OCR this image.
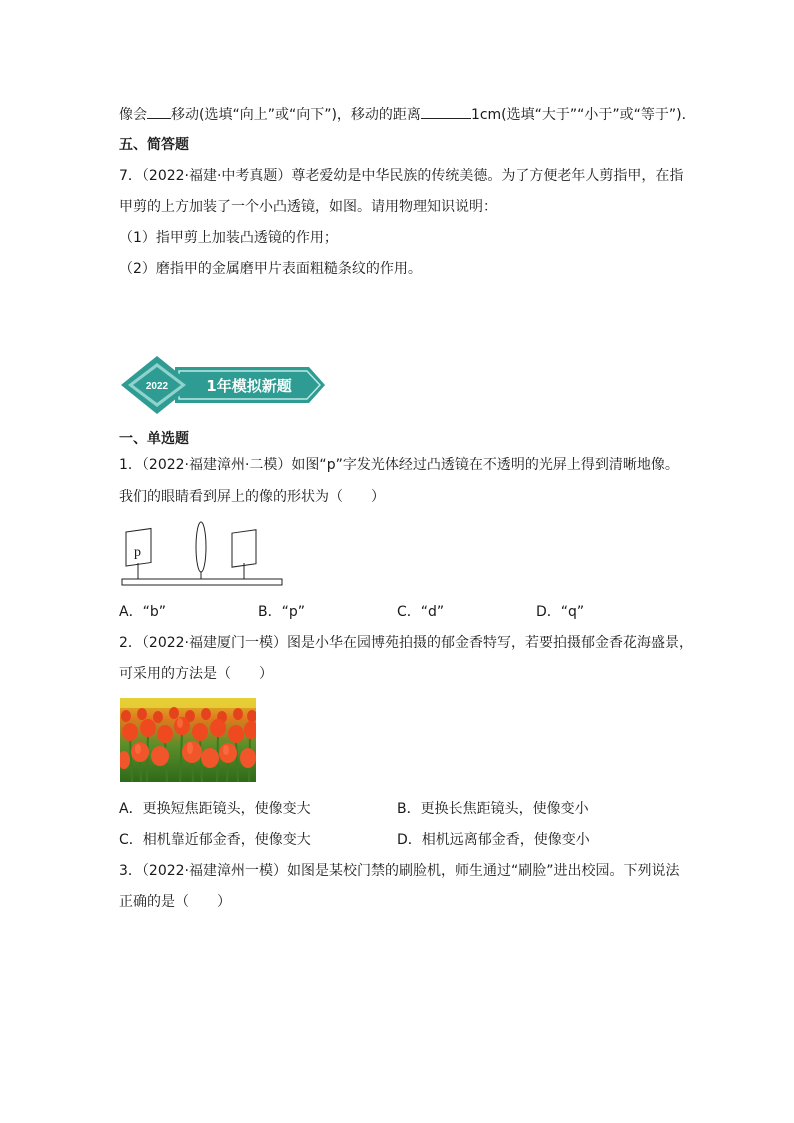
像会 移动(选填“向上”或“向下”)，移动的距离	1cm(选填“大于”“小于”或“等于”)．
五、简答题
7．（2022·福建·中考真题）尊老爱幼是中华民族的传统美德。为了方便老年人剪指甲，在指
甲剪的上方加装了一个小凸透镜，如图。请用物理知识说明：
（1）指甲剪上加装凸透镜的作用；
（2）磨指甲的金属磨甲片表面粗糙条纹的作用。
2022	1年模拟新题
一、单选题
1．（2022·福建漳州·二模）如图“p”字发光体经过凸透镜在不透明的光屏上得到清晰地像。
我们的眼睛看到屏上的像的形状为（　　）
p
A．“b”	B．“p”	C．“d”	D．“q”
2．（2022·福建厦门一模）图是小华在园博苑拍摄的郁金香特写，若要拍摄郁金香花海盛景，
可采用的方法是（　　）
A．更换短焦距镜头，使像变大	B．更换长焦距镜头，使像变小
C．相机靠近郁金香，使像变大	D．相机远离郁金香，使像变小
3．（2022·福建漳州一模）如图是某校门禁的刷脸机，师生通过“刷脸”进出校园。下列说法
正确的是（　　）
